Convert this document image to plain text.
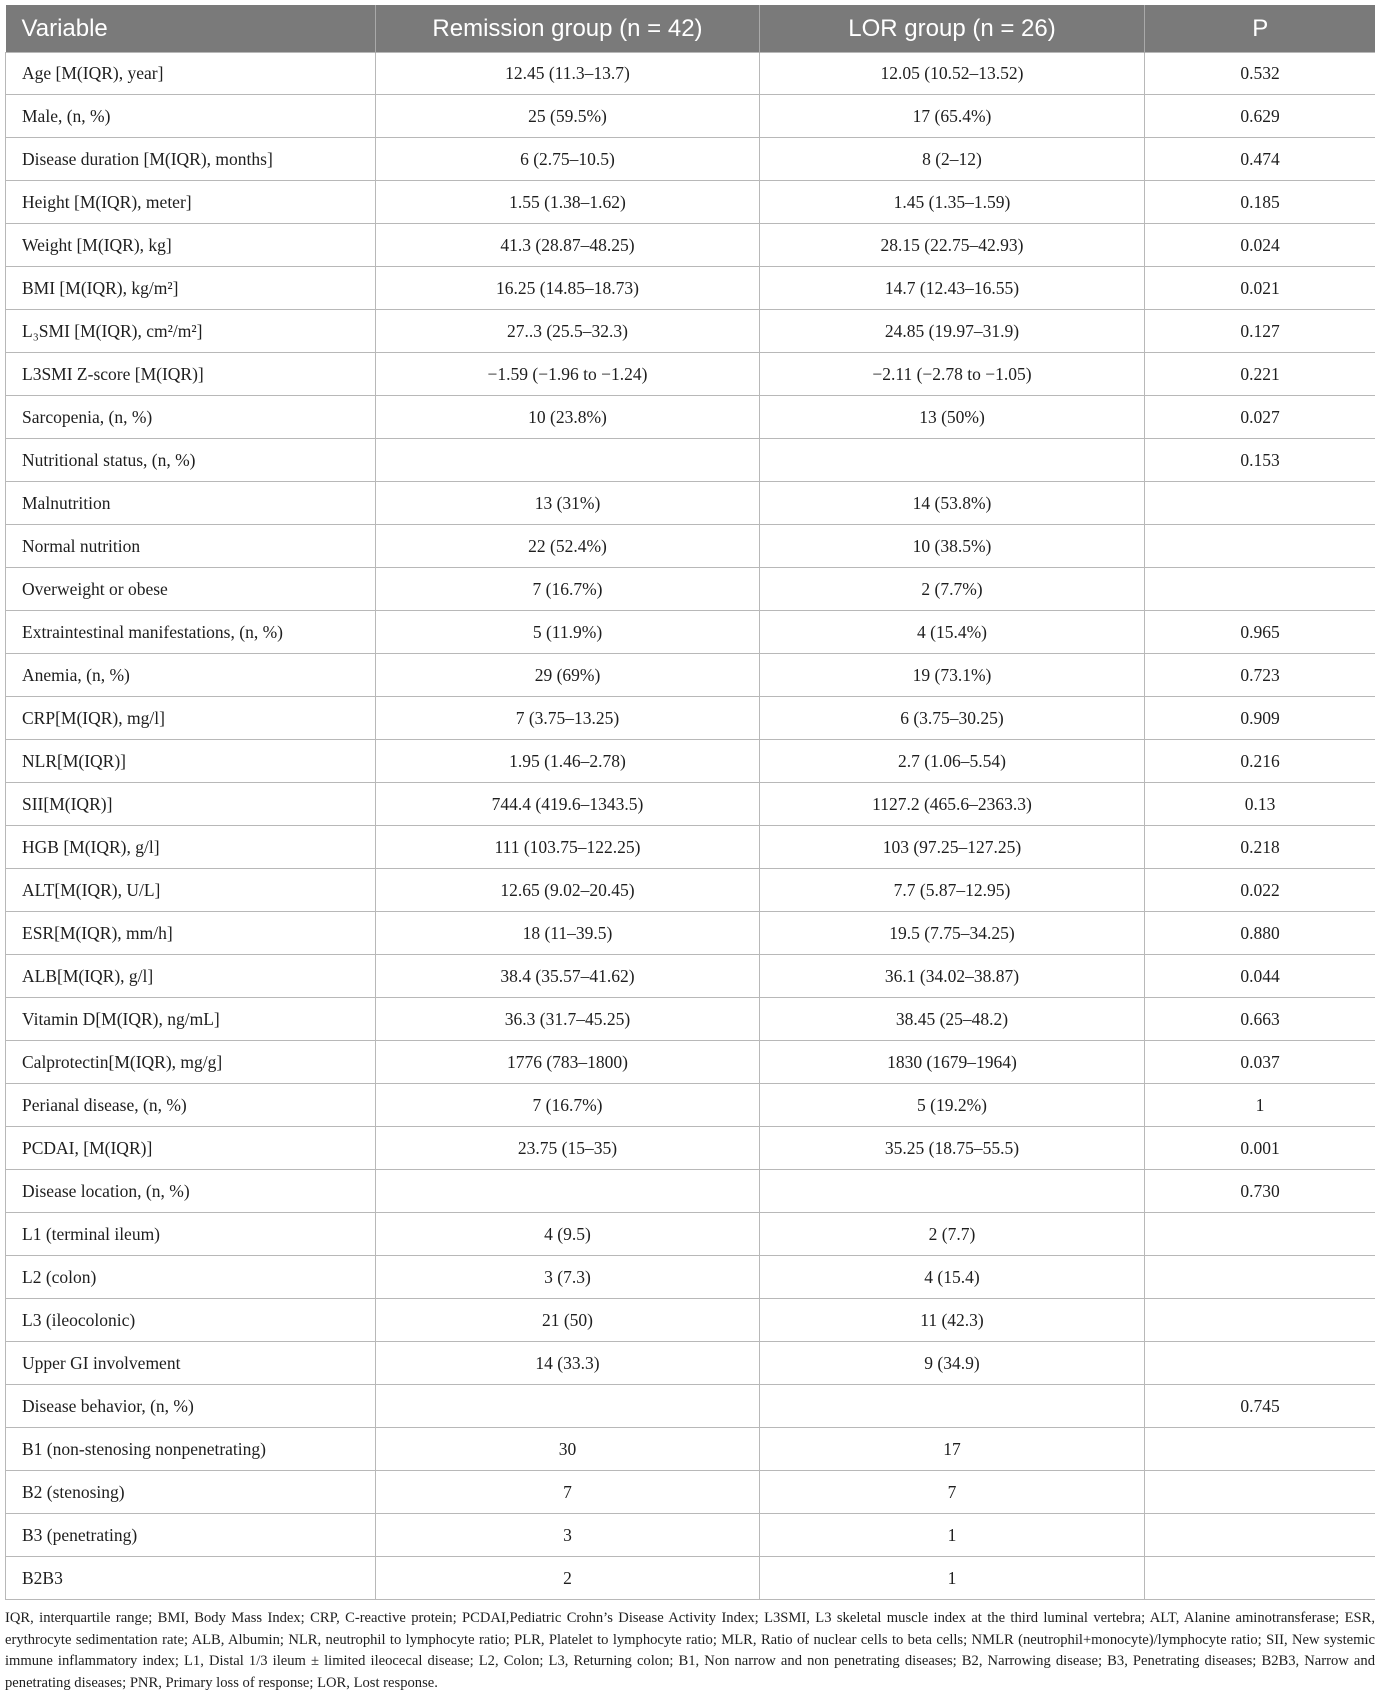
Variable	Remission group (n = 42)	LOR group (n = 26)	P
Age [M(IQR), year]	12.45 (11.3–13.7)	12.05 (10.52–13.52)	0.532
Male, (n, %)	25 (59.5%)	17 (65.4%)	0.629
Disease duration [M(IQR), months]	6 (2.75–10.5)	8 (2–12)	0.474
Height [M(IQR), meter]	1.55 (1.38–1.62)	1.45 (1.35–1.59)	0.185
Weight [M(IQR), kg]	41.3 (28.87–48.25)	28.15 (22.75–42.93)	0.024
BMI [M(IQR), kg/m²]	16.25 (14.85–18.73)	14.7 (12.43–16.55)	0.021
L₃SMI [M(IQR), cm²/m²]	27..3 (25.5–32.3)	24.85 (19.97–31.9)	0.127
L3SMI Z-score [M(IQR)]	−1.59 (−1.96 to −1.24)	−2.11 (−2.78 to −1.05)	0.221
Sarcopenia, (n, %)	10 (23.8%)	13 (50%)	0.027
Nutritional status, (n, %)			0.153
Malnutrition	13 (31%)	14 (53.8%)	
Normal nutrition	22 (52.4%)	10 (38.5%)	
Overweight or obese	7 (16.7%)	2 (7.7%)	
Extraintestinal manifestations, (n, %)	5 (11.9%)	4 (15.4%)	0.965
Anemia, (n, %)	29 (69%)	19 (73.1%)	0.723
CRP[M(IQR), mg/l]	7 (3.75–13.25)	6 (3.75–30.25)	0.909
NLR[M(IQR)]	1.95 (1.46–2.78)	2.7 (1.06–5.54)	0.216
SII[M(IQR)]	744.4 (419.6–1343.5)	1127.2 (465.6–2363.3)	0.13
HGB [M(IQR), g/l]	111 (103.75–122.25)	103 (97.25–127.25)	0.218
ALT[M(IQR), U/L]	12.65 (9.02–20.45)	7.7 (5.87–12.95)	0.022
ESR[M(IQR), mm/h]	18 (11–39.5)	19.5 (7.75–34.25)	0.880
ALB[M(IQR), g/l]	38.4 (35.57–41.62)	36.1 (34.02–38.87)	0.044
Vitamin D[M(IQR), ng/mL]	36.3 (31.7–45.25)	38.45 (25–48.2)	0.663
Calprotectin[M(IQR), mg/g]	1776 (783–1800)	1830 (1679–1964)	0.037
Perianal disease, (n, %)	7 (16.7%)	5 (19.2%)	1
PCDAI, [M(IQR)]	23.75 (15–35)	35.25 (18.75–55.5)	0.001
Disease location, (n, %)			0.730
L1 (terminal ileum)	4 (9.5)	2 (7.7)	
L2 (colon)	3 (7.3)	4 (15.4)	
L3 (ileocolonic)	21 (50)	11 (42.3)	
Upper GI involvement	14 (33.3)	9 (34.9)	
Disease behavior, (n, %)			0.745
B1 (non-stenosing nonpenetrating)	30	17	
B2 (stenosing)	7	7	
B3 (penetrating)	3	1	
B2B3	2	1	
IQR, interquartile range; BMI, Body Mass Index; CRP, C-reactive protein; PCDAI,Pediatric Crohn’s Disease Activity Index; L3SMI, L3 skeletal muscle index at the third luminal vertebra; ALT, Alanine aminotransferase; ESR, erythrocyte sedimentation rate; ALB, Albumin; NLR, neutrophil to lymphocyte ratio; PLR, Platelet to lymphocyte ratio; MLR, Ratio of nuclear cells to beta cells; NMLR (neutrophil+monocyte)/lymphocyte ratio; SII, New systemic immune inflammatory index; L1, Distal 1/3 ileum ± limited ileocecal disease; L2, Colon; L3, Returning colon; B1, Non narrow and non penetrating diseases; B2, Narrowing disease; B3, Penetrating diseases; B2B3, Narrow and penetrating diseases; PNR, Primary loss of response; LOR, Lost response.
